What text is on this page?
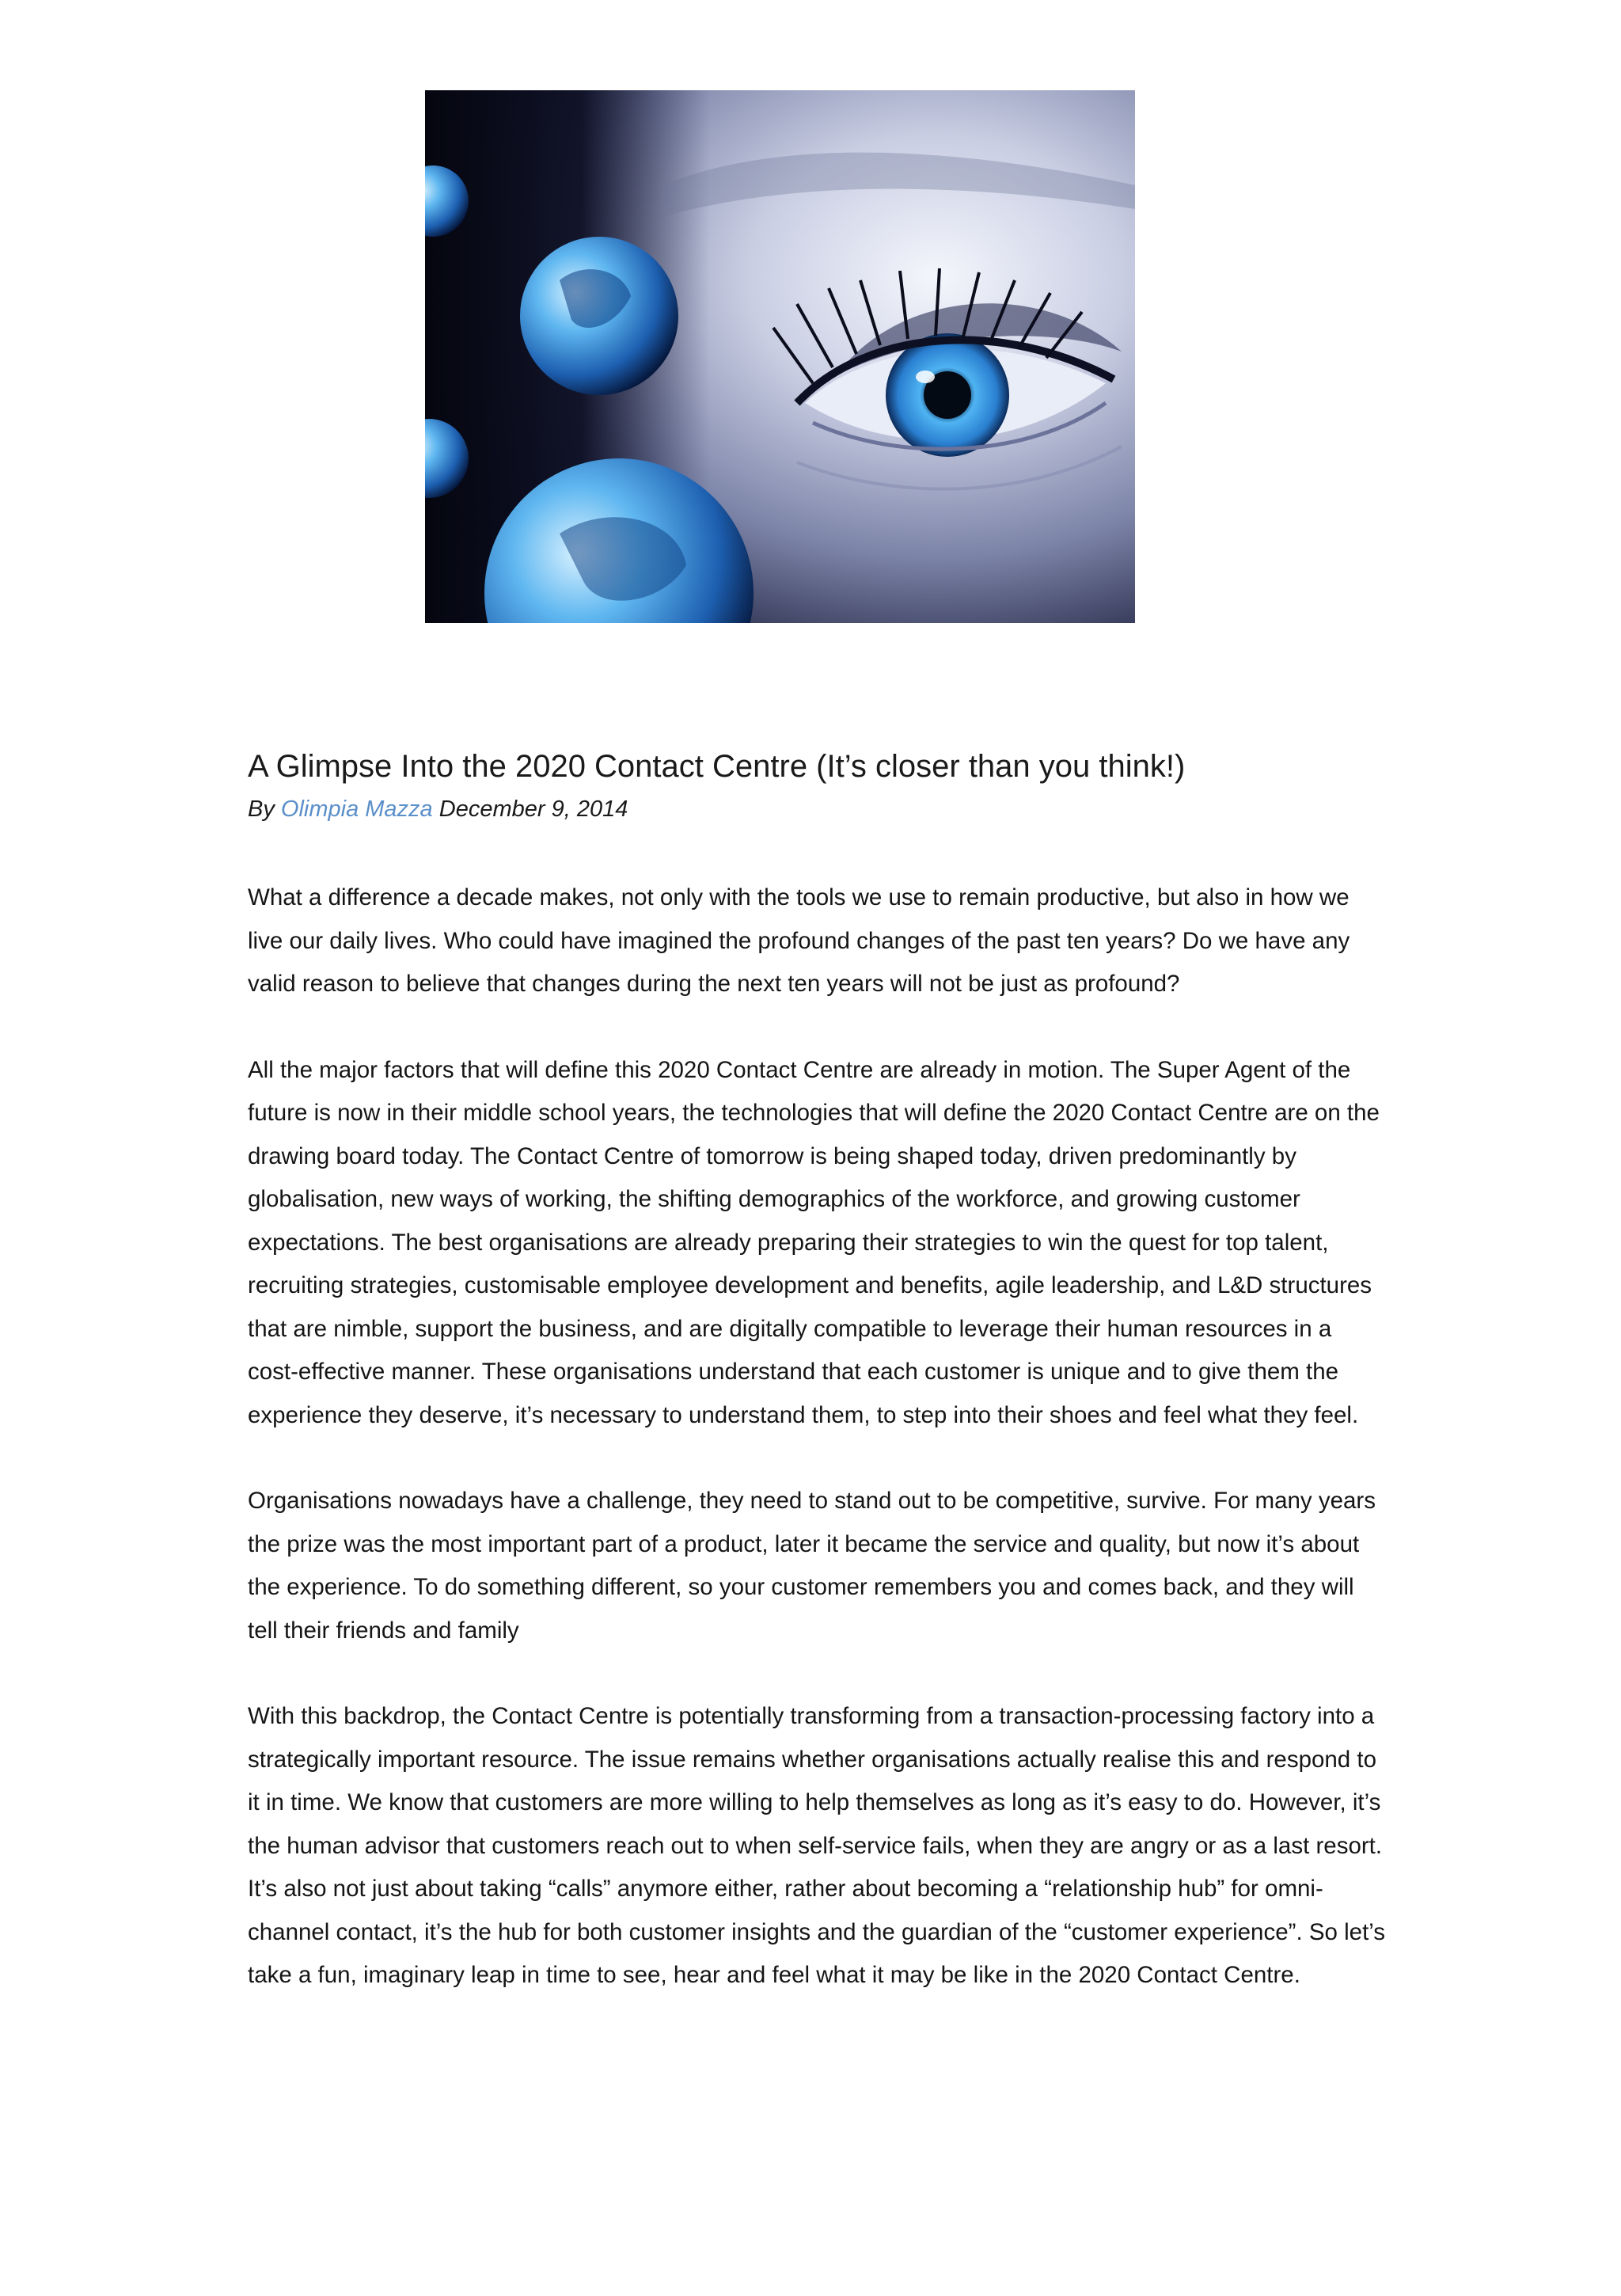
A Glimpse Into the 2020 Contact Centre (It’s closer than you think!)

By Olimpia Mazza December 9, 2014

What a difference a decade makes, not only with the tools we use to remain productive, but also in how we live our daily lives. Who could have imagined the profound changes of the past ten years? Do we have any valid reason to believe that changes during the next ten years will not be just as profound?

All the major factors that will define this 2020 Contact Centre are already in motion. The Super Agent of the future is now in their middle school years, the technologies that will define the 2020 Contact Centre are on the drawing board today. The Contact Centre of tomorrow is being shaped today, driven predominantly by globalisation, new ways of working, the shifting demographics of the workforce, and growing customer expectations. The best organisations are already preparing their strategies to win the quest for top talent, recruiting strategies, customisable employee development and benefits, agile leadership, and L&D structures that are nimble, support the business, and are digitally compatible to leverage their human resources in a cost-effective manner. These organisations understand that each customer is unique and to give them the experience they deserve, it’s necessary to understand them, to step into their shoes and feel what they feel.

Organisations nowadays have a challenge, they need to stand out to be competitive, survive. For many years the prize was the most important part of a product, later it became the service and quality, but now it’s about the experience. To do something different, so your customer remembers you and comes back, and they will tell their friends and family

With this backdrop, the Contact Centre is potentially transforming from a transaction-processing factory into a strategically important resource. The issue remains whether organisations actually realise this and respond to it in time. We know that customers are more willing to help themselves as long as it’s easy to do. However, it’s the human advisor that customers reach out to when self-service fails, when they are angry or as a last resort. It’s also not just about taking “calls” anymore either, rather about becoming a “relationship hub” for omni-channel contact, it’s the hub for both customer insights and the guardian of the “customer experience”. So let’s take a fun, imaginary leap in time to see, hear and feel what it may be like in the 2020 Contact Centre.
